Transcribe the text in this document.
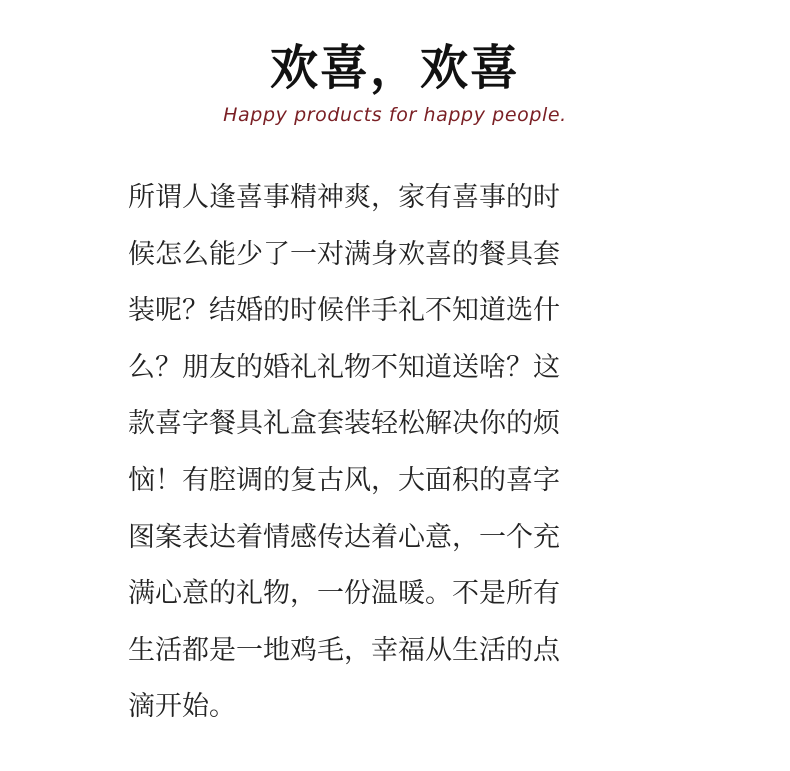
欢喜，欢喜
Happy products for happy people.
所谓人逢喜事精神爽，家有喜事的时
候怎么能少了一对满身欢喜的餐具套
装呢？结婚的时候伴手礼不知道选什
么？朋友的婚礼礼物不知道送啥？这
款喜字餐具礼盒套装轻松解决你的烦
恼！有腔调的复古风，大面积的喜字
图案表达着情感传达着心意，一个充
满心意的礼物，一份温暖。不是所有
生活都是一地鸡毛，幸福从生活的点
滴开始。
